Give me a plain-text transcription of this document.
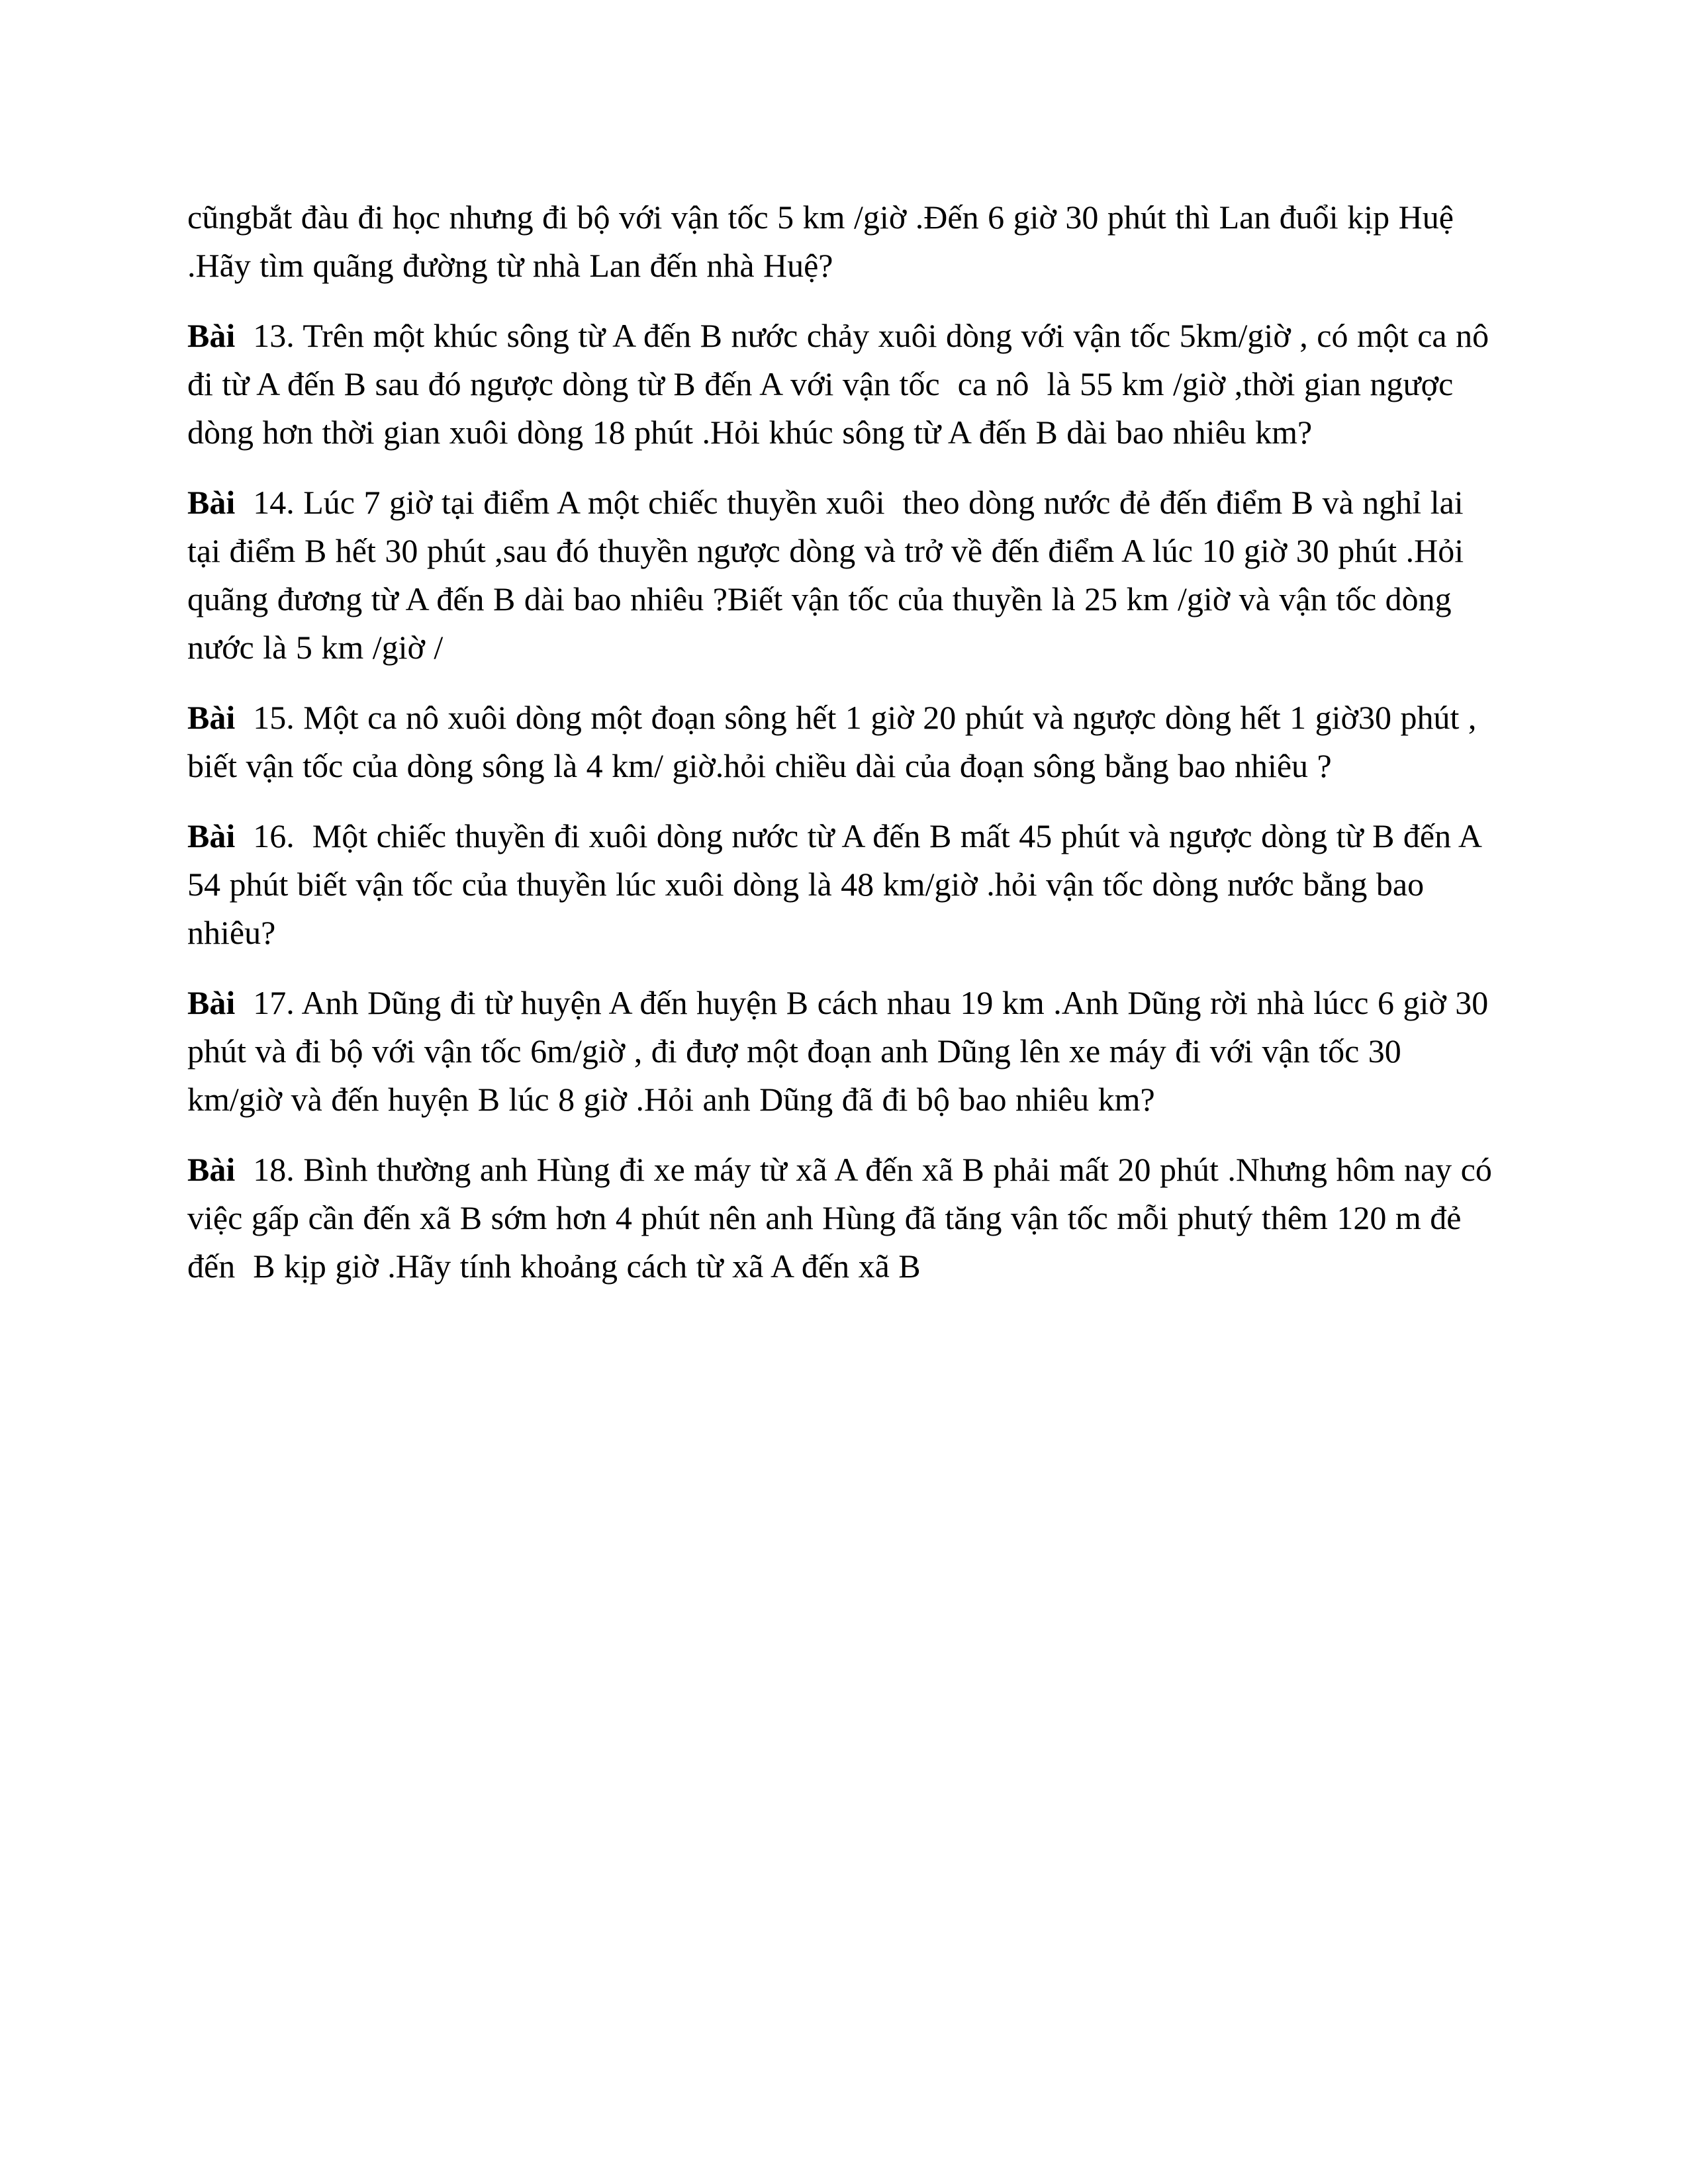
cũngbắt đàu đi học nhưng đi bộ với vận tốc 5 km /giờ .Đến 6 giờ 30 phút thì Lan đuổi kịp Huệ .Hãy tìm quãng đường từ nhà Lan đến nhà Huệ?

Bài  13. Trên một khúc sông từ A đến B nước chảy xuôi dòng với vận tốc 5km/giờ , có một ca nô đi từ A đến B sau đó ngược dòng từ B đến A với vận tốc  ca nô  là 55 km /giờ ,thời gian ngược dòng hơn thời gian xuôi dòng 18 phút .Hỏi khúc sông từ A đến B dài bao nhiêu km?

Bài  14. Lúc 7 giờ tại điểm A một chiếc thuyền xuôi  theo dòng nước đẻ đến điểm B và nghỉ lai tại điểm B hết 30 phút ,sau đó thuyền ngược dòng và trở về đến điểm A lúc 10 giờ 30 phút .Hỏi quãng đương từ A đến B dài bao nhiêu ?Biết vận tốc của thuyền là 25 km /giờ và vận tốc dòng nước là 5 km /giờ /

Bài  15. Một ca nô xuôi dòng một đoạn sông hết 1 giờ 20 phút và ngược dòng hết 1 giờ30 phút , biết vận tốc của dòng sông là 4 km/ giờ.hỏi chiều dài của đoạn sông bằng bao nhiêu ?

Bài  16.  Một chiếc thuyền đi xuôi dòng nước từ A đến B mất 45 phút và ngược dòng từ B đến A 54 phút biết vận tốc của thuyền lúc xuôi dòng là 48 km/giờ .hỏi vận tốc dòng nước bằng bao nhiêu?

Bài  17. Anh Dũng đi từ huyện A đến huyện B cách nhau 19 km .Anh Dũng rời nhà lúcc 6 giờ 30 phút và đi bộ với vận tốc 6m/giờ , đi đượ một đoạn anh Dũng lên xe máy đi với vận tốc 30 km/giờ và đến huyện B lúc 8 giờ .Hỏi anh Dũng đã đi bộ bao nhiêu km?

Bài  18. Bình thường anh Hùng đi xe máy từ xã A đến xã B phải mất 20 phút .Nhưng hôm nay có việc gấp cần đến xã B sớm hơn 4 phút nên anh Hùng đã tăng vận tốc mỗi phutý thêm 120 m đẻ đến  B kịp giờ .Hãy tính khoảng cách từ xã A đến xã B
